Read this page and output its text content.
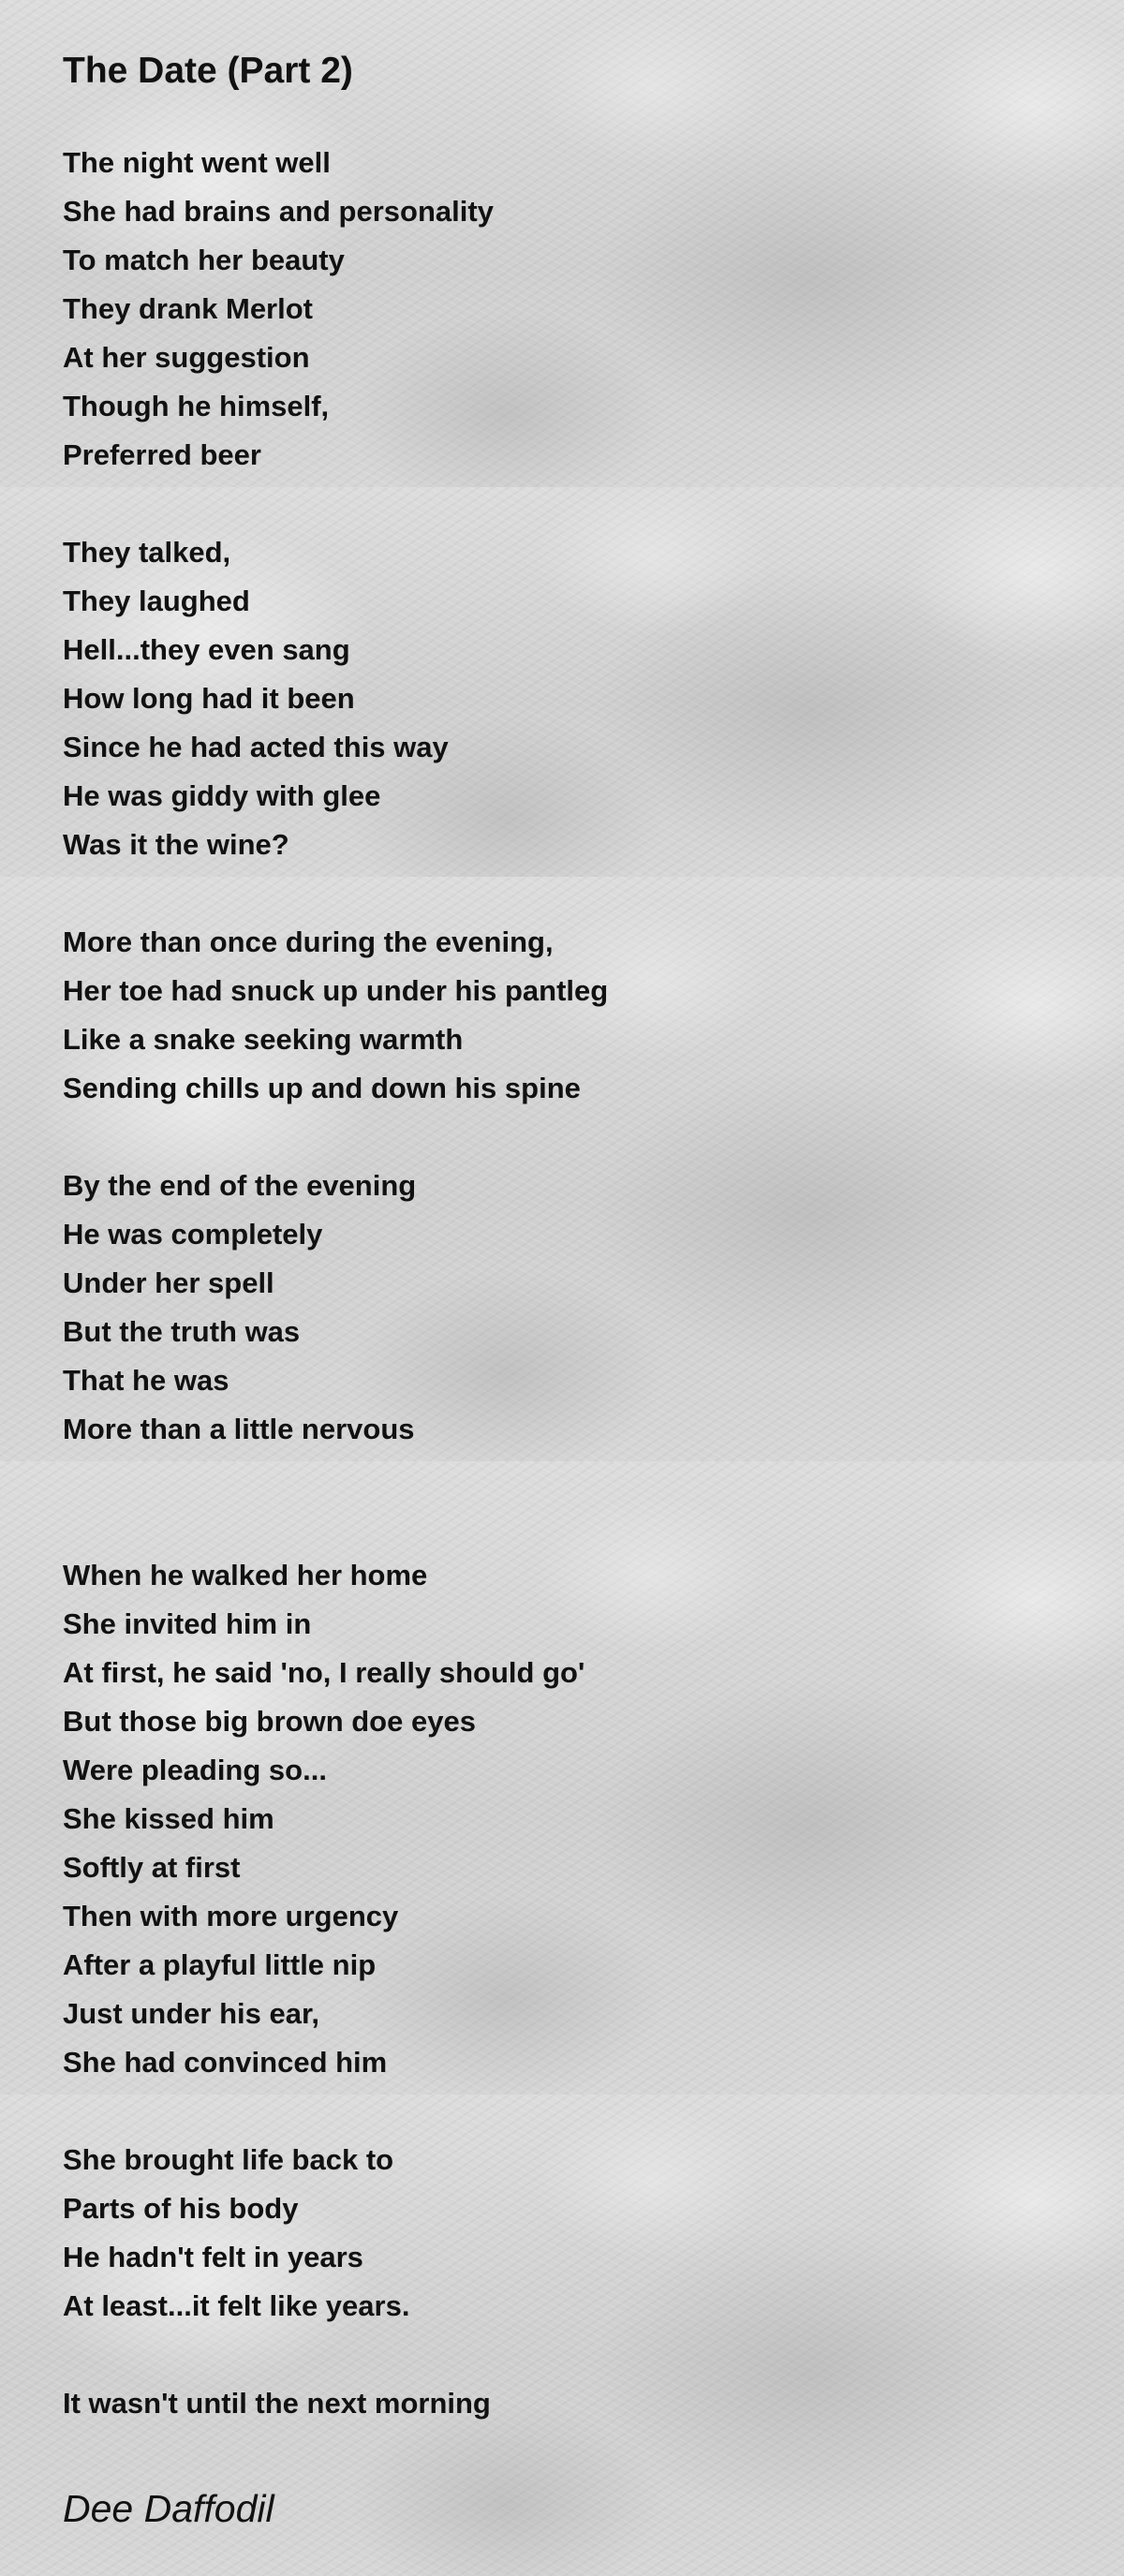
The Date (Part 2)
The night went well
She had brains and personality
To match her beauty
They drank Merlot
At her suggestion
Though he himself,
Preferred beer
They talked,
They laughed
Hell...they even sang
How long had it been
Since he had acted this way
He was giddy with glee
Was it the wine?
More than once during the evening,
Her toe had snuck up under his pantleg
Like a snake seeking warmth
Sending chills up and down his spine
By the end of the evening
He was completely
Under her spell
But the truth was
That he was
More than a little nervous
When he walked her home
She invited him in
At first, he said 'no, I really should go'
But those big brown doe eyes
Were pleading so...
She kissed him
Softly at first
Then with more urgency
After a playful little nip
Just under his ear,
She had convinced him
She brought life back to
Parts of his body
He hadn't felt in years
At least...it felt like years.
It wasn't until the next morning
Dee Daffodil
